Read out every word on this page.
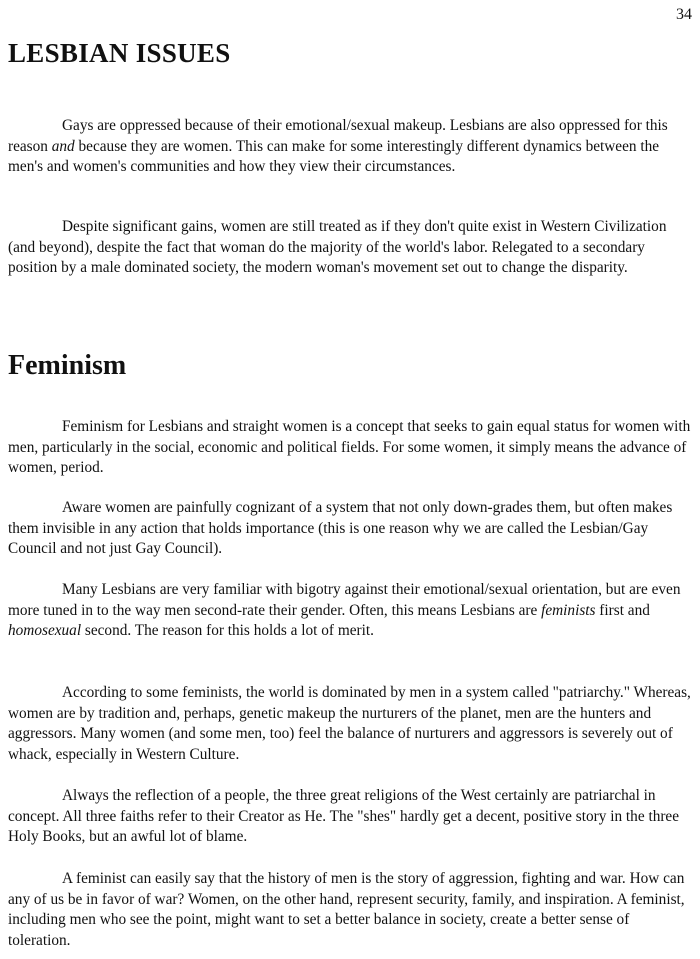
34
LESBIAN ISSUES

Gays are oppressed because of their emotional/sexual makeup. Lesbians are also oppressed for this reason and because they are women. This can make for some interestingly different dynamics between the men's and women's communities and how they view their circumstances.

Despite significant gains, women are still treated as if they don't quite exist in Western Civilization (and beyond), despite the fact that woman do the majority of the world's labor. Relegated to a secondary position by a male dominated society, the modern woman's movement set out to change the disparity.

Feminism

Feminism for Lesbians and straight women is a concept that seeks to gain equal status for women with men, particularly in the social, economic and political fields. For some women, it simply means the advance of women, period.

Aware women are painfully cognizant of a system that not only down-grades them, but often makes them invisible in any action that holds importance (this is one reason why we are called the Lesbian/Gay Council and not just Gay Council).

Many Lesbians are very familiar with bigotry against their emotional/sexual orientation, but are even more tuned in to the way men second-rate their gender. Often, this means Lesbians are feminists first and homosexual second. The reason for this holds a lot of merit.

According to some feminists, the world is dominated by men in a system called "patriarchy." Whereas, women are by tradition and, perhaps, genetic makeup the nurturers of the planet, men are the hunters and aggressors. Many women (and some men, too) feel the balance of nurturers and aggressors is severely out of whack, especially in Western Culture.

Always the reflection of a people, the three great religions of the West certainly are patriarchal in concept. All three faiths refer to their Creator as He. The "shes" hardly get a decent, positive story in the three Holy Books, but an awful lot of blame.

A feminist can easily say that the history of men is the story of aggression, fighting and war. How can any of us be in favor of war? Women, on the other hand, represent security, family, and inspiration. A feminist, including men who see the point, might want to set a better balance in society, create a better sense of toleration.
